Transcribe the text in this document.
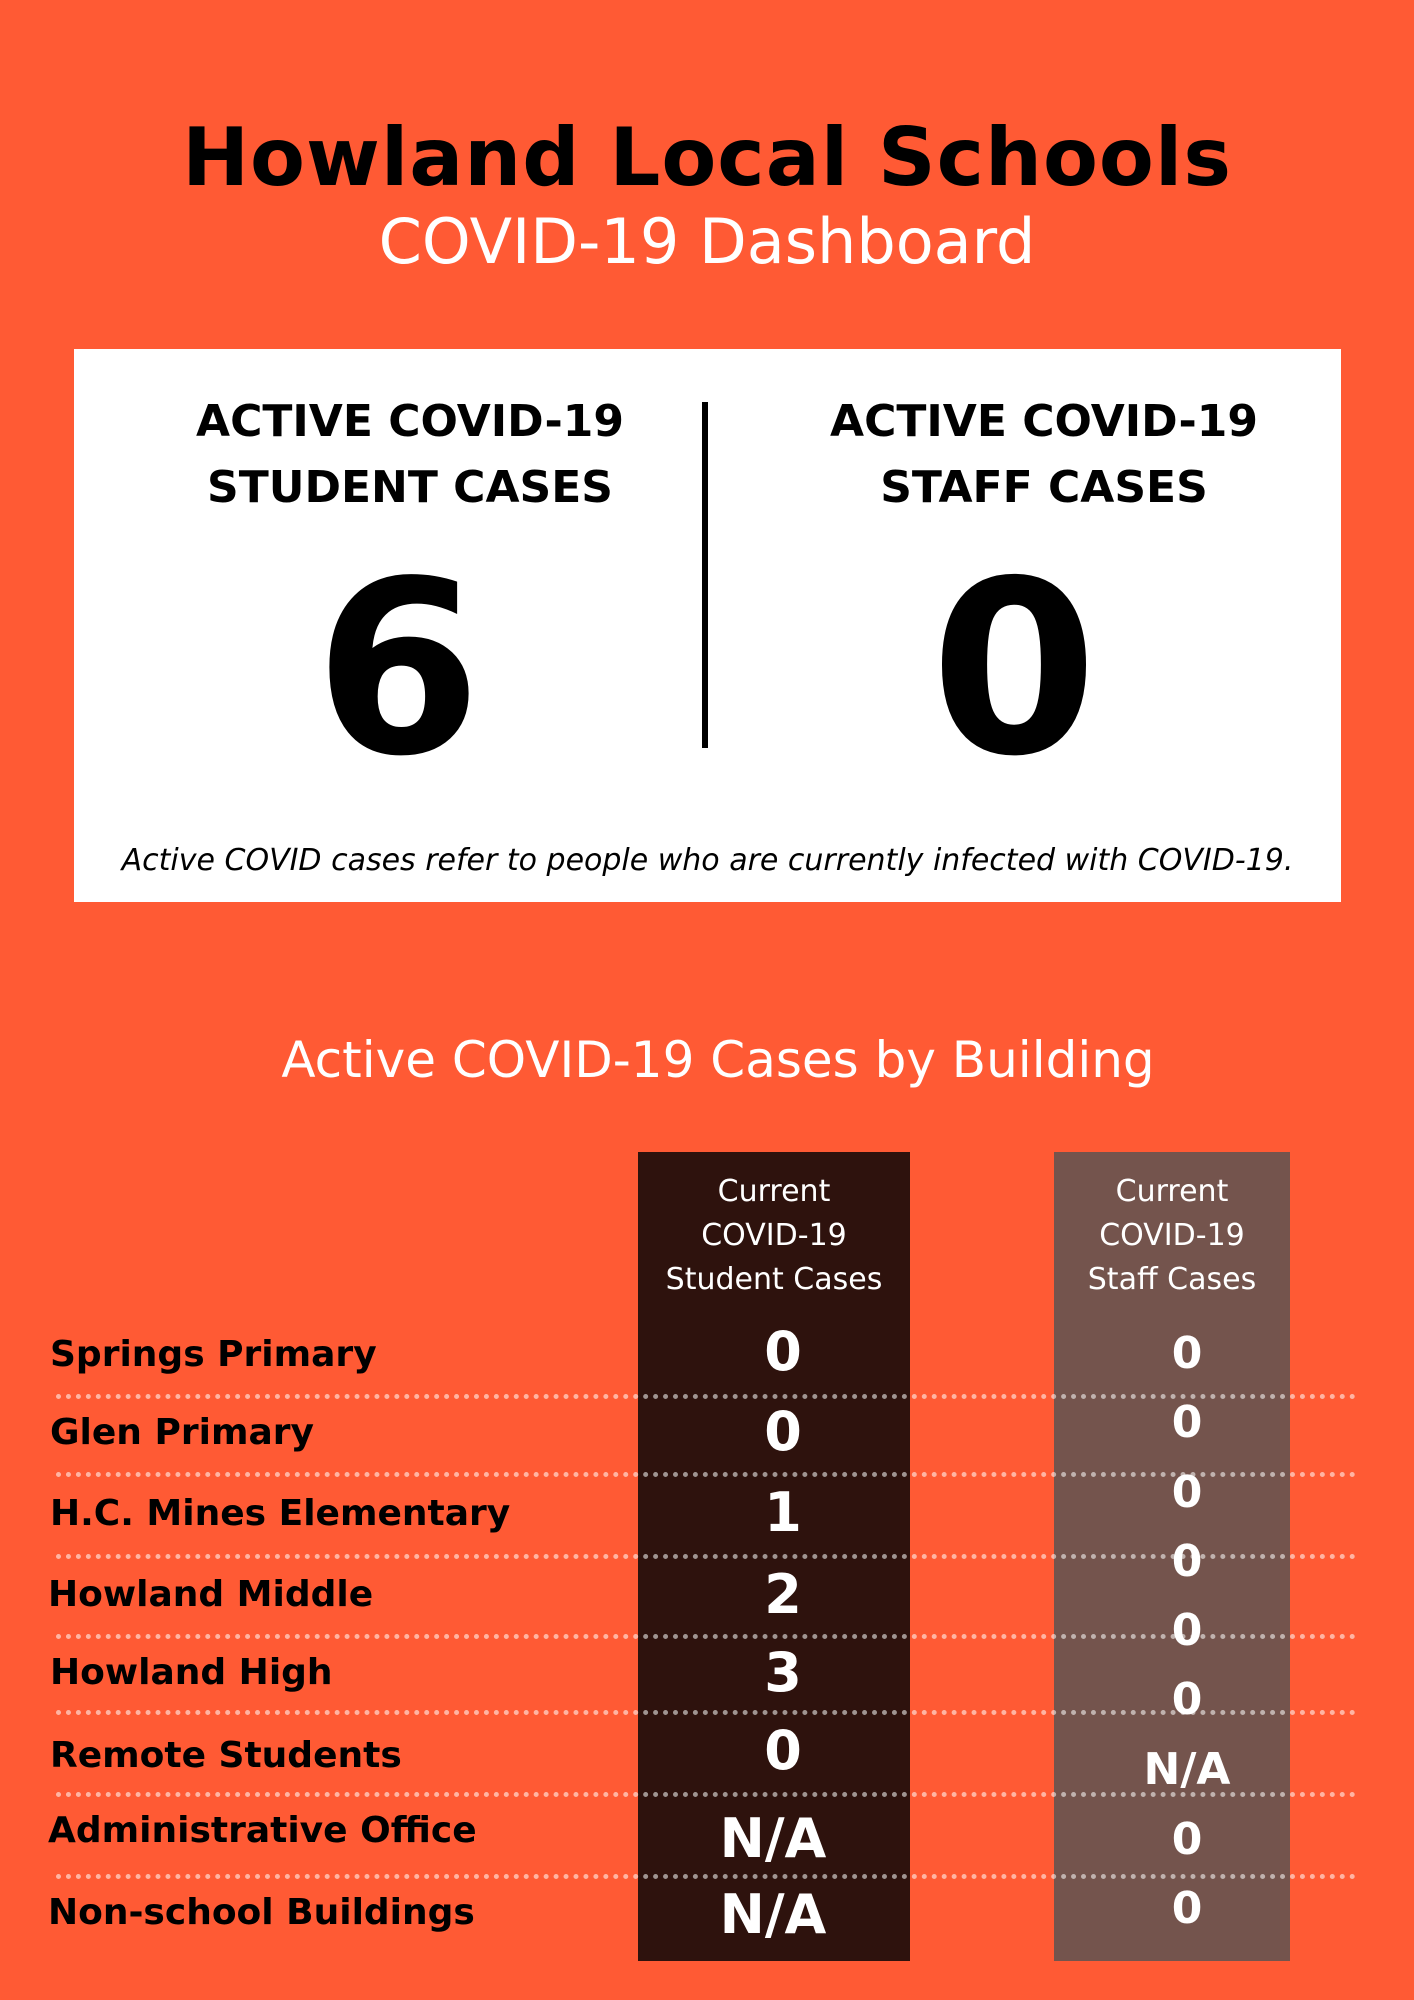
Howland Local Schools
COVID-19 Dashboard
ACTIVE COVID-19
STUDENT CASES
ACTIVE COVID-19
STAFF CASES
6	0
Active COVID cases refer to people who are currently infected with COVID-19.
Active COVID-19 Cases by Building
Current
COVID-19
Student Cases
Current
COVID-19
Staff Cases
Springs Primary
Glen Primary
H.C. Mines Elementary
Howland Middle
Howland High
Remote Students
Administrative Office
Non-school Buildings
0
0
1
2
3
0
N/A
N/A
0
0
0
0
0
0
N/A
0
0
